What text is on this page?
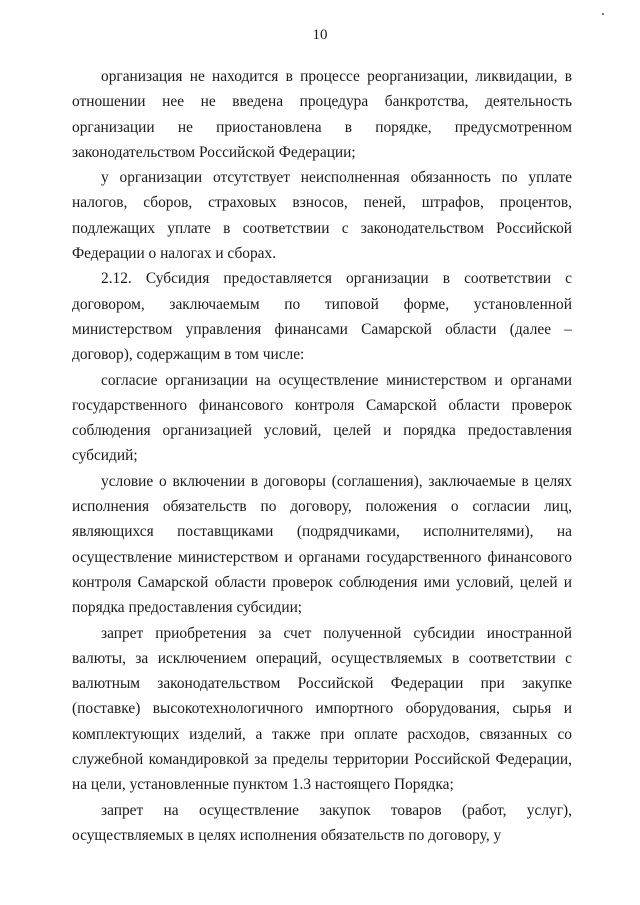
10

организация не находится в процессе реорганизации, ликвидации, в отношении нее не введена процедура банкротства, деятельность организации не приостановлена в порядке, предусмотренном законодательством Российской Федерации;

у организации отсутствует неисполненная обязанность по уплате налогов, сборов, страховых взносов, пеней, штрафов, процентов, подлежащих уплате в соответствии с законодательством Российской Федерации о налогах и сборах.

2.12. Субсидия предоставляется организации в соответствии с договором, заключаемым по типовой форме, установленной министерством управления финансами Самарской области (далее – договор), содержащим в том числе:

согласие организации на осуществление министерством и органами государственного финансового контроля Самарской области проверок соблюдения организацией условий, целей и порядка предоставления субсидий;

условие о включении в договоры (соглашения), заключаемые в целях исполнения обязательств по договору, положения о согласии лиц, являющихся поставщиками (подрядчиками, исполнителями), на осуществление министерством и органами государственного финансового контроля Самарской области проверок соблюдения ими условий, целей и порядка предоставления субсидии;

запрет приобретения за счет полученной субсидии иностранной валюты, за исключением операций, осуществляемых в соответствии с валютным законодательством Российской Федерации при закупке (поставке) высокотехнологичного импортного оборудования, сырья и комплектующих изделий, а также при оплате расходов, связанных со служебной командировкой за пределы территории Российской Федерации, на цели, установленные пунктом 1.3 настоящего Порядка;

запрет на осуществление закупок товаров (работ, услуг), осуществляемых в целях исполнения обязательств по договору, у
